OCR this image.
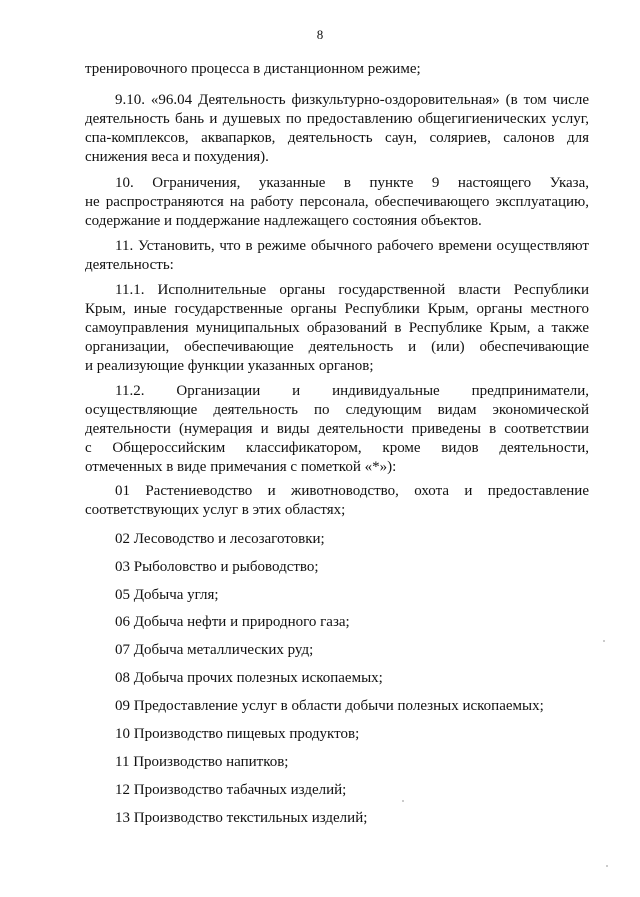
8
тренировочного процесса в дистанционном режиме;
9.10. «96.04 Деятельность физкультурно-оздоровительная» (в том числе
деятельность бань и душевых по предоставлению общегигиенических услуг,
спа-комплексов, аквапарков, деятельность саун, соляриев, салонов для
снижения веса и похудения).
10. Ограничения, указанные в пункте 9 настоящего Указа,
не распространяются на работу персонала, обеспечивающего эксплуатацию,
содержание и поддержание надлежащего состояния объектов.
11. Установить, что в режиме обычного рабочего времени осуществляют
деятельность:
11.1. Исполнительные органы государственной власти Республики
Крым, иные государственные органы Республики Крым, органы местного
самоуправления муниципальных образований в Республике Крым, а также
организации, обеспечивающие деятельность и (или) обеспечивающие
и реализующие функции указанных органов;
11.2. Организации и индивидуальные предприниматели,
осуществляющие деятельность по следующим видам экономической
деятельности (нумерация и виды деятельности приведены в соответствии
с Общероссийским классификатором, кроме видов деятельности,
отмеченных в виде примечания с пометкой «*»):
01 Растениеводство и животноводство, охота и предоставление
соответствующих услуг в этих областях;
02 Лесоводство и лесозаготовки;
03 Рыболовство и рыбоводство;
05 Добыча угля;
06 Добыча нефти и природного газа;
07 Добыча металлических руд;
08 Добыча прочих полезных ископаемых;
09 Предоставление услуг в области добычи полезных ископаемых;
10 Производство пищевых продуктов;
11 Производство напитков;
12 Производство табачных изделий;
13 Производство текстильных изделий;
